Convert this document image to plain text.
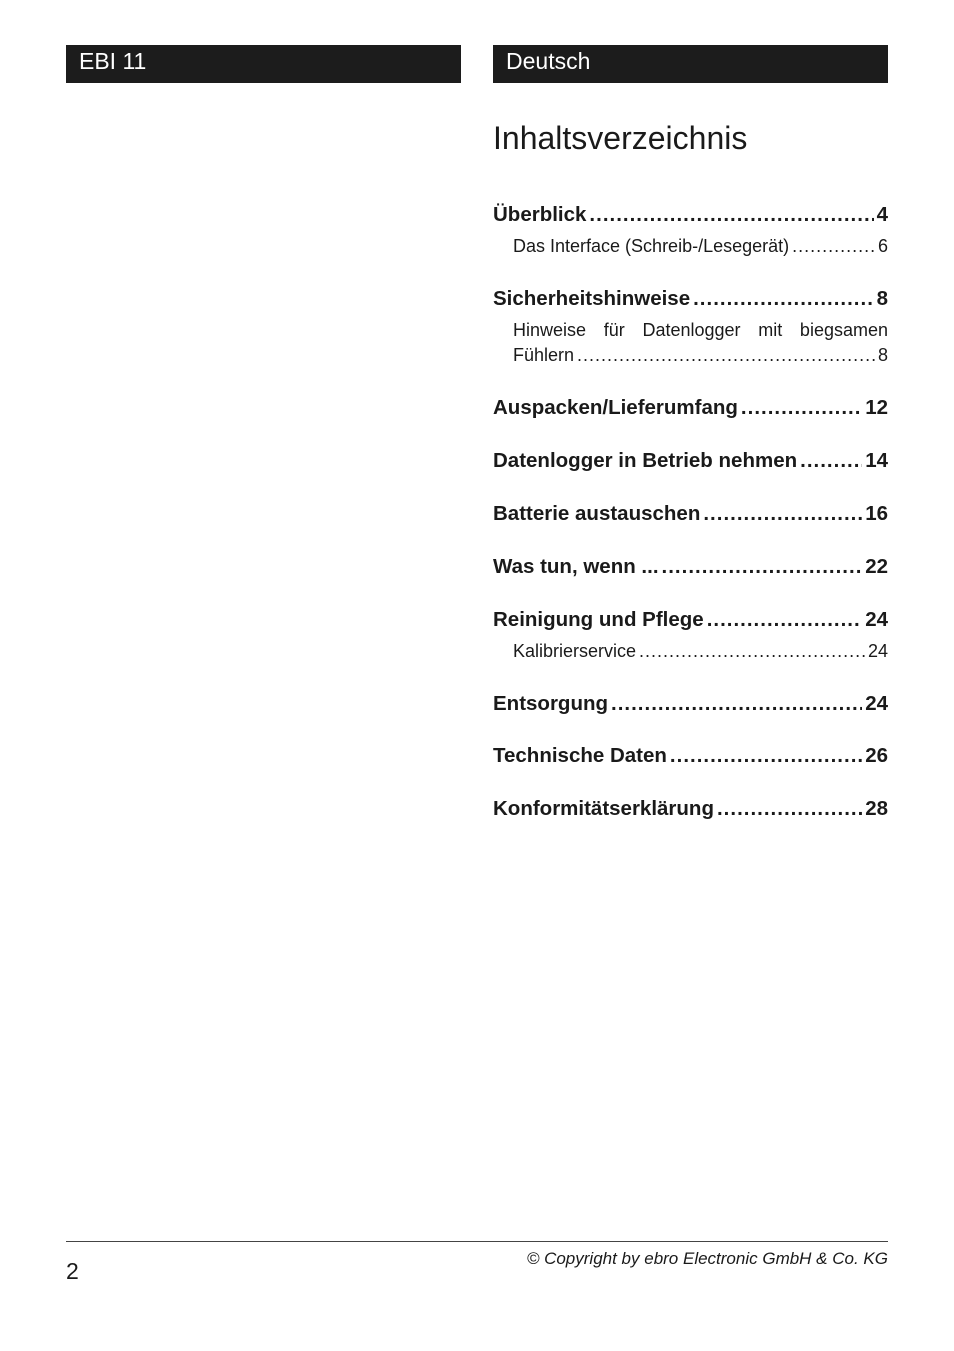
EBI 11	Deutsch
Inhaltsverzeichnis
Überblick .....	4
Das Interface (Schreib-/Lesegerät) .....	6
Sicherheitshinweise .....	8
Hinweise für Datenlogger mit biegsamen
Fühlern .....	8
Auspacken/Lieferumfang .....	12
Datenlogger in Betrieb nehmen .....	14
Batterie austauschen .....	16
Was tun, wenn ... .....	22
Reinigung und Pflege .....	24
Kalibrierservice .....	24
Entsorgung .....	24
Technische Daten .....	26
Konformitätserklärung .....	28
2	© Copyright by ebro Electronic GmbH & Co. KG
